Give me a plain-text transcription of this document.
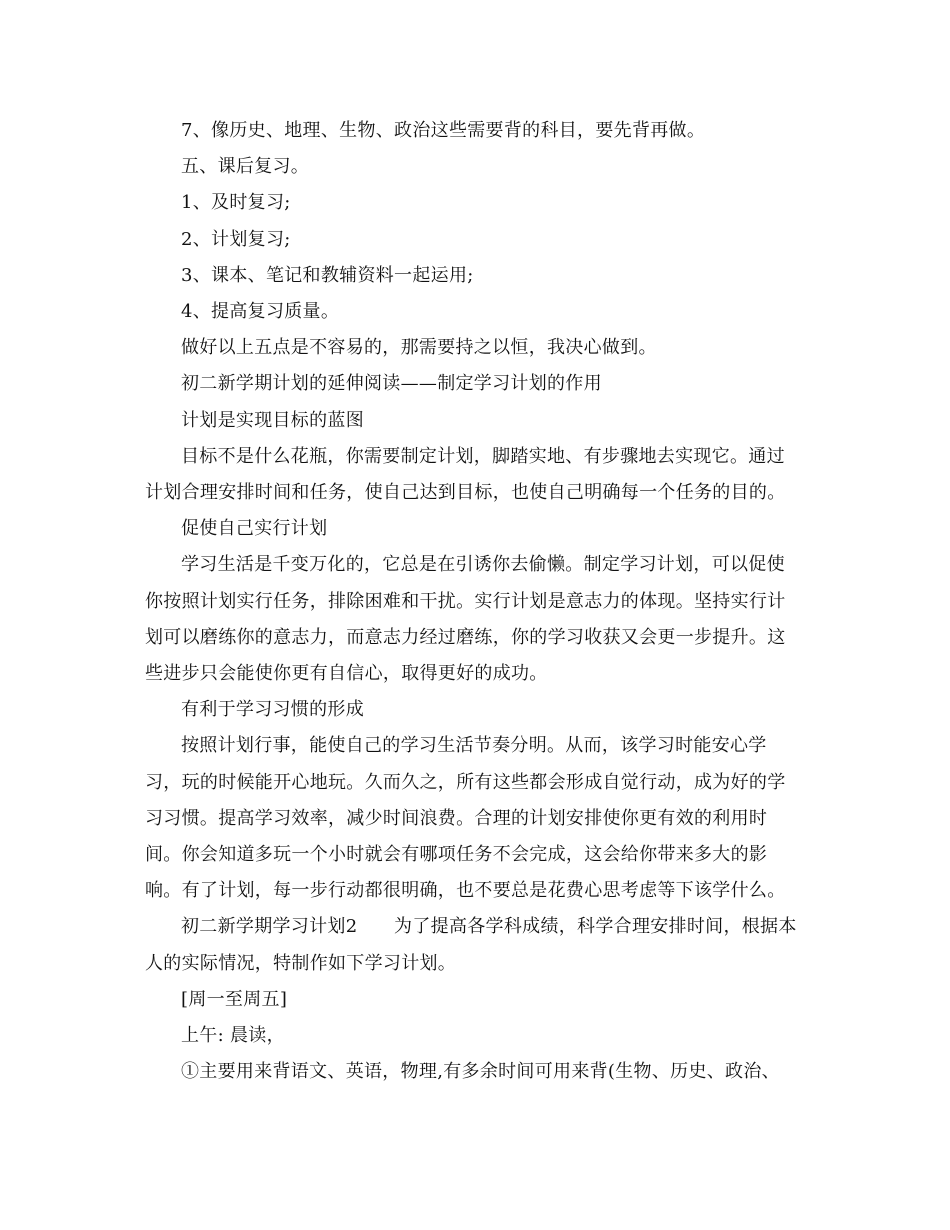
7、像历史、地理、生物、政治这些需要背的科目，要先背再做。

五、课后复习。

1、及时复习;

2、计划复习;

3、课本、笔记和教辅资料一起运用;

4、提高复习质量。

做好以上五点是不容易的，那需要持之以恒，我决心做到。

初二新学期计划的延伸阅读——制定学习计划的作用

计划是实现目标的蓝图

目标不是什么花瓶，你需要制定计划，脚踏实地、有步骤地去实现它。通过计划合理安排时间和任务，使自己达到目标，也使自己明确每一个任务的目的。

促使自己实行计划

学习生活是千变万化的，它总是在引诱你去偷懒。制定学习计划，可以促使你按照计划实行任务，排除困难和干扰。实行计划是意志力的体现。坚持实行计划可以磨练你的意志力，而意志力经过磨练，你的学习收获又会更一步提升。这些进步只会能使你更有自信心，取得更好的成功。

有利于学习习惯的形成

按照计划行事，能使自己的学习生活节奏分明。从而，该学习时能安心学习，玩的时候能开心地玩。久而久之，所有这些都会形成自觉行动，成为好的学习习惯。提高学习效率，减少时间浪费。合理的计划安排使你更有效的利用时间。你会知道多玩一个小时就会有哪项任务不会完成，这会给你带来多大的影响。有了计划，每一步行动都很明确，也不要总是花费心思考虑等下该学什么。

初二新学期学习计划2　　为了提高各学科成绩，科学合理安排时间，根据本人的实际情况，特制作如下学习计划。

[周一至周五]

上午: 晨读，

①主要用来背语文、英语，物理,有多余时间可用来背(生物、历史、政治、
